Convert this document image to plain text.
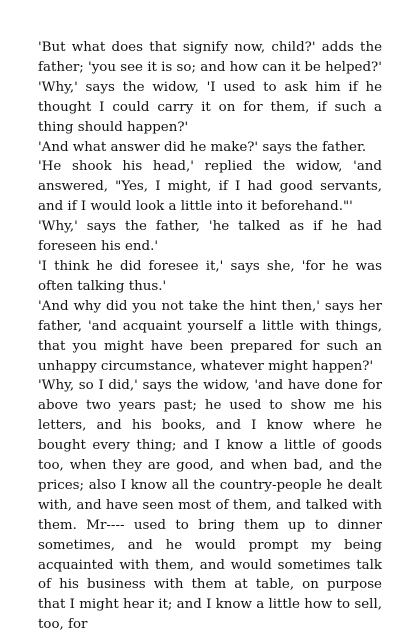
'But what does that signify now, child?' adds the father; 'you see it is so; and how can it be helped?'

'Why,' says the widow, 'I used to ask him if he thought I could carry it on for them, if such a thing should happen?'

'And what answer did he make?' says the father.

'He shook his head,' replied the widow, 'and answered, "Yes, I might, if I had good servants, and if I would look a little into it beforehand."'

'Why,' says the father, 'he talked as if he had foreseen his end.'

'I think he did foresee it,' says she, 'for he was often talking thus.'

'And why did you not take the hint then,' says her father, 'and acquaint yourself a little with things, that you might have been prepared for such an unhappy circumstance, whatever might happen?'

'Why, so I did,' says the widow, 'and have done for above two years past; he used to show me his letters, and his books, and I know where he bought every thing; and I know a little of goods too, when they are good, and when bad, and the prices; also I know all the country-people he dealt with, and have seen most of them, and talked with them. Mr---- used to bring them up to dinner sometimes, and he would prompt my being acquainted with them, and would sometimes talk of his business with them at table, on purpose that I might hear it; and I know a little how to sell, too, for
